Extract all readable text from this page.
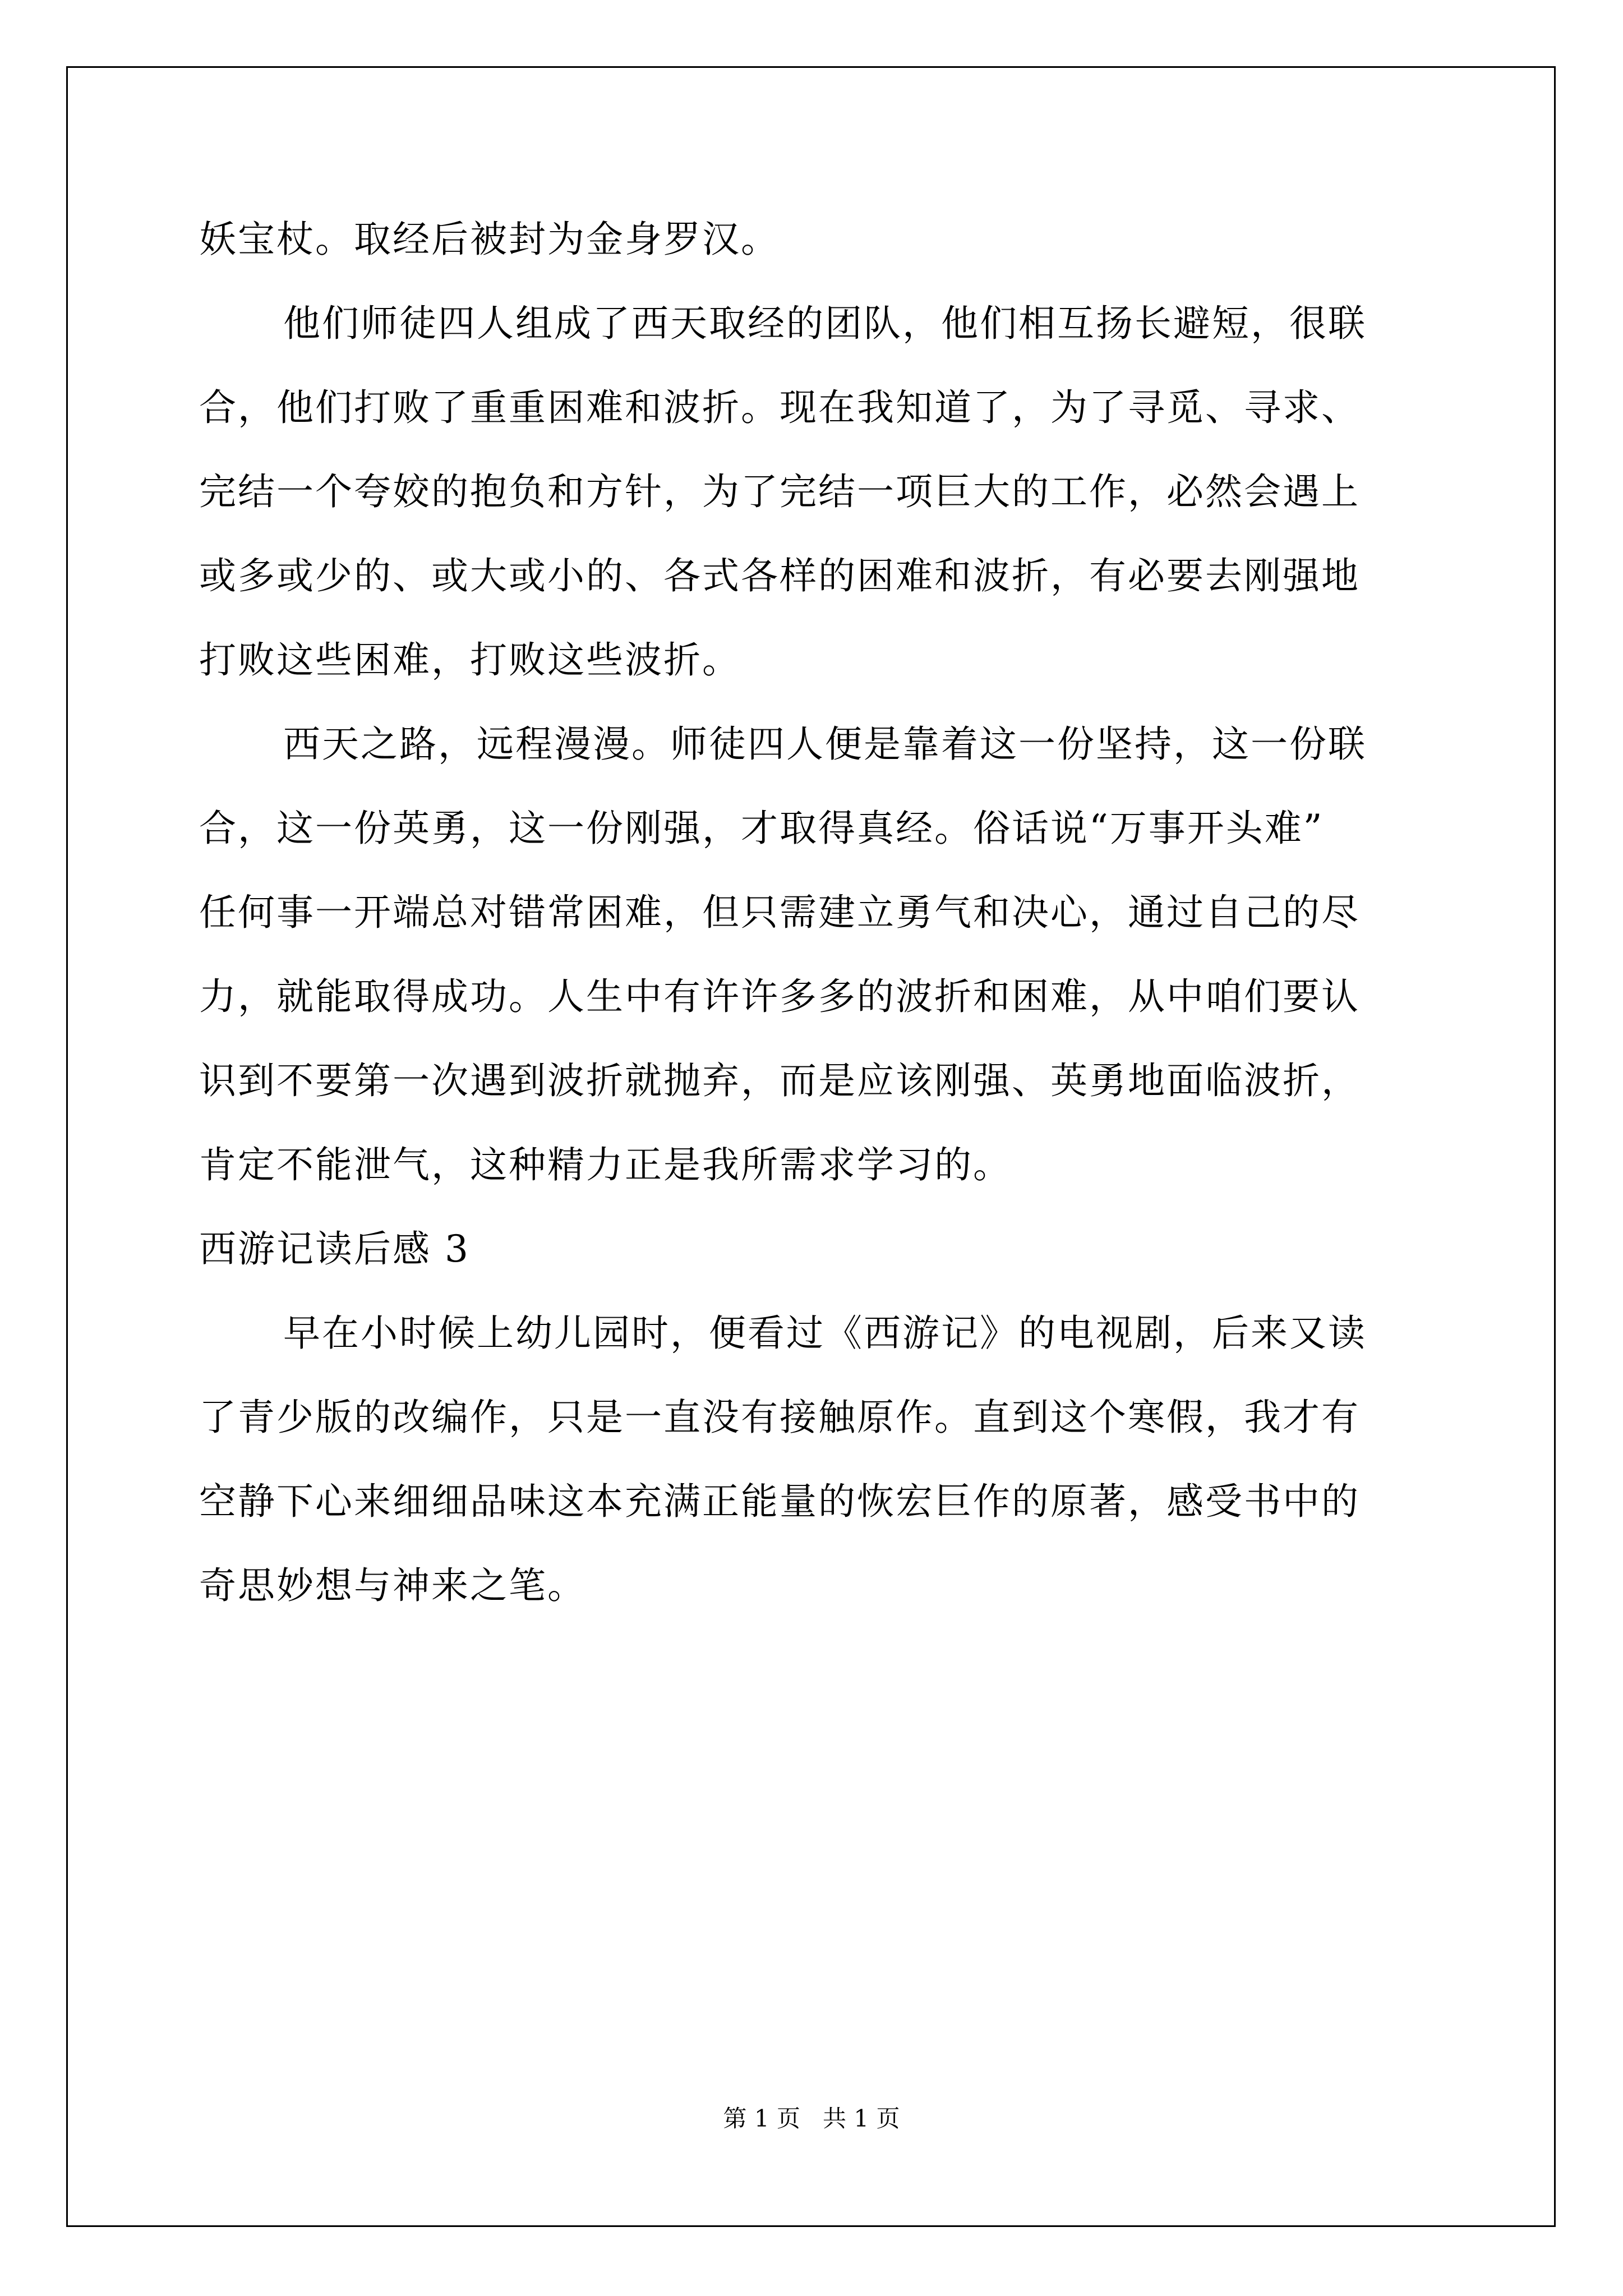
妖宝杖。取经后被封为金身罗汉。
他们师徒四人组成了西天取经的团队，他们相互扬长避短，很联
合，他们打败了重重困难和波折。现在我知道了，为了寻觅、寻求、
完结一个夸姣的抱负和方针，为了完结一项巨大的工作，必然会遇上
或多或少的、或大或小的、各式各样的困难和波折，有必要去刚强地
打败这些困难，打败这些波折。
西天之路，远程漫漫。师徒四人便是靠着这一份坚持，这一份联
合，这一份英勇，这一份刚强，才取得真经。俗话说“万事开头难”
任何事一开端总对错常困难，但只需建立勇气和决心，通过自己的尽
力，就能取得成功。人生中有许许多多的波折和困难，从中咱们要认
识到不要第一次遇到波折就抛弃，而是应该刚强、英勇地面临波折，
肯定不能泄气，这种精力正是我所需求学习的。
西游记读后感 3
早在小时候上幼儿园时，便看过《西游记》的电视剧，后来又读
了青少版的改编作，只是一直没有接触原作。直到这个寒假，我才有
空静下心来细细品味这本充满正能量的恢宏巨作的原著，感受书中的
奇思妙想与神来之笔。
第 1 页   共 1 页
